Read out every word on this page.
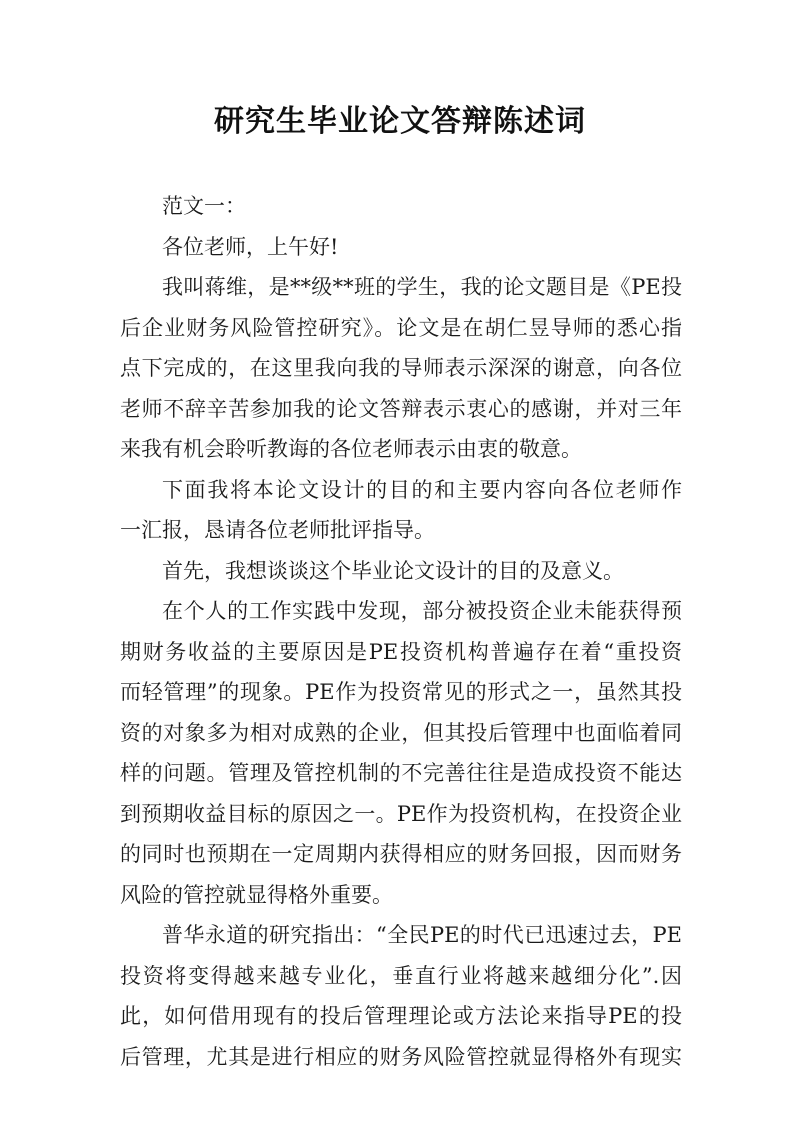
研究生毕业论文答辩陈述词
范文一：
各位老师，上午好!
我叫蒋维，是**级**班的学生，我的论文题目是《PE投
后企业财务风险管控研究》。论文是在胡仁昱导师的悉心指
点下完成的，在这里我向我的导师表示深深的谢意，向各位
老师不辞辛苦参加我的论文答辩表示衷心的感谢，并对三年
来我有机会聆听教诲的各位老师表示由衷的敬意。
下面我将本论文设计的目的和主要内容向各位老师作
一汇报，恳请各位老师批评指导。
首先，我想谈谈这个毕业论文设计的目的及意义。
在个人的工作实践中发现，部分被投资企业未能获得预
期财务收益的主要原因是PE投资机构普遍存在着“重投资
而轻管理”的现象。PE作为投资常见的形式之一，虽然其投
资的对象多为相对成熟的企业，但其投后管理中也面临着同
样的问题。管理及管控机制的不完善往往是造成投资不能达
到预期收益目标的原因之一。PE作为投资机构，在投资企业
的同时也预期在一定周期内获得相应的财务回报，因而财务
风险的管控就显得格外重要。
普华永道的研究指出：“全民PE的时代已迅速过去，PE
投资将变得越来越专业化，垂直行业将越来越细分化”.因
此，如何借用现有的投后管理理论或方法论来指导PE的投
后管理，尤其是进行相应的财务风险管控就显得格外有现实
